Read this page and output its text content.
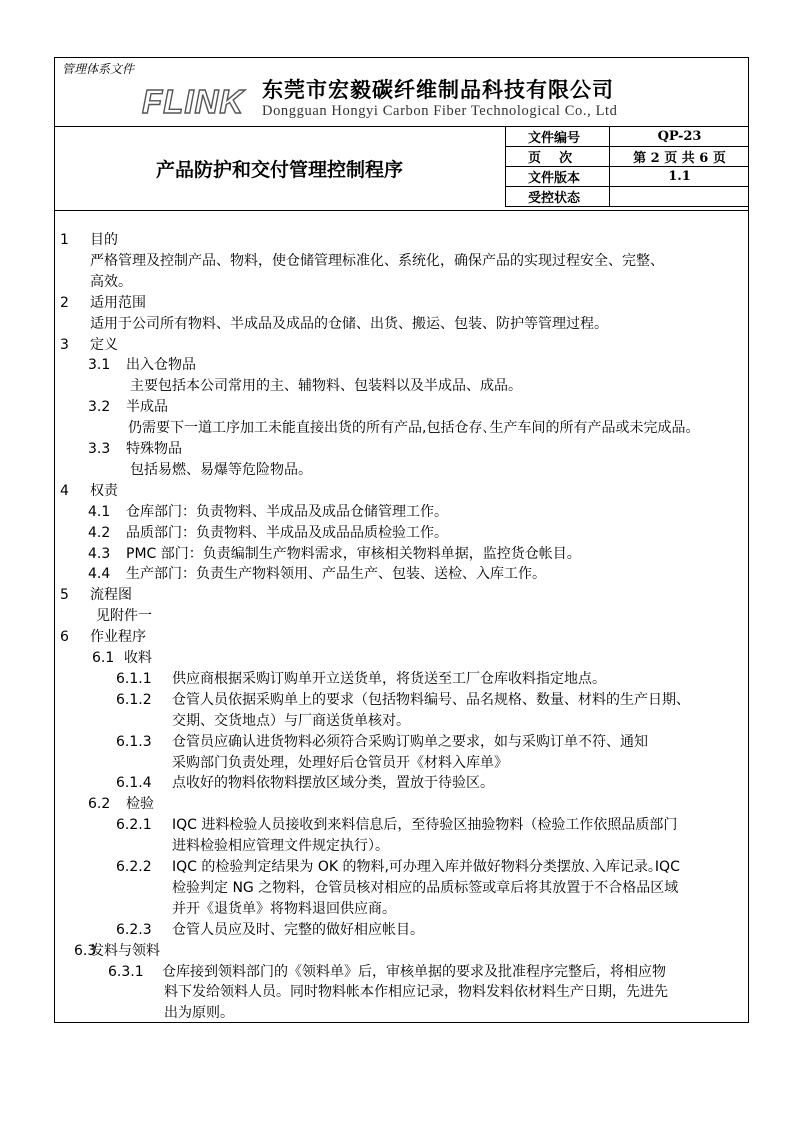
管理体系文件
FLINK 东莞市宏毅碳纤维制品科技有限公司
Dongguan Hongyi Carbon Fiber Technological Co., Ltd
产品防护和交付管理控制程序
文件编号	QP-23
页    次	第 2 页 共 6 页
文件版本	1.1
受控状态	
1 目的
严格管理及控制产品、物料，使仓储管理标准化、系统化，确保产品的实现过程安全、完整、
高效。
2 适用范围
适用于公司所有物料、半成品及成品的仓储、出货、搬运、包装、防护等管理过程。
3 定义
3.1 出入仓物品
主要包括本公司常用的主、辅物料、包装料以及半成品、成品。
3.2 半成品
仍需要下一道工序加工未能直接出货的所有产品,包括仓存､生产车间的所有产品或未完成品。
3.3 特殊物品
包括易燃、易爆等危险物品。
4 权责
4.1 仓库部门：负责物料、半成品及成品仓储管理工作。
4.2 品质部门：负责物料、半成品及成品品质检验工作。
4.3 PMC 部门：负责编制生产物料需求，审核相关物料单据，监控货仓帐目。
4.4 生产部门：负责生产物料领用、产品生产、包装、送检、入库工作。
5 流程图
见附件一
6 作业程序
6.1 收料
6.1.1 供应商根据采购订购单开立送货单，将货送至工厂仓库收料指定地点。
6.1.2 仓管人员依据采购单上的要求（包括物料编号、品名规格、数量、材料的生产日期、
交期、交货地点）与厂商送货单核对。
6.1.3 仓管员应确认进货物料必须符合采购订购单之要求，如与采购订单不符、通知
采购部门负责处理，处理好后仓管员开《材料入库单》
6.1.4 点收好的物料依物料摆放区域分类，置放于待验区。
6.2 检验
6.2.1 IQC 进料检验人员接收到来料信息后，至待验区抽验物料（检验工作依照品质部门
进料检验相应管理文件规定执行）。
6.2.2 IQC 的检验判定结果为 OK 的物料,可办理入库并做好物料分类摆放､入库记录｡IQC
检验判定 NG 之物料，仓管员核对相应的品质标签或章后将其放置于不合格品区域
并开《退货单》将物料退回供应商。
6.2.3 仓管人员应及时、完整的做好相应帐目。
6.3
发料与领料
6.3.1 仓库接到领料部门的《领料单》后，审核单据的要求及批准程序完整后，将相应物
料下发给领料人员。同时物料帐本作相应记录，物料发料依材料生产日期，先进先
出为原则。
